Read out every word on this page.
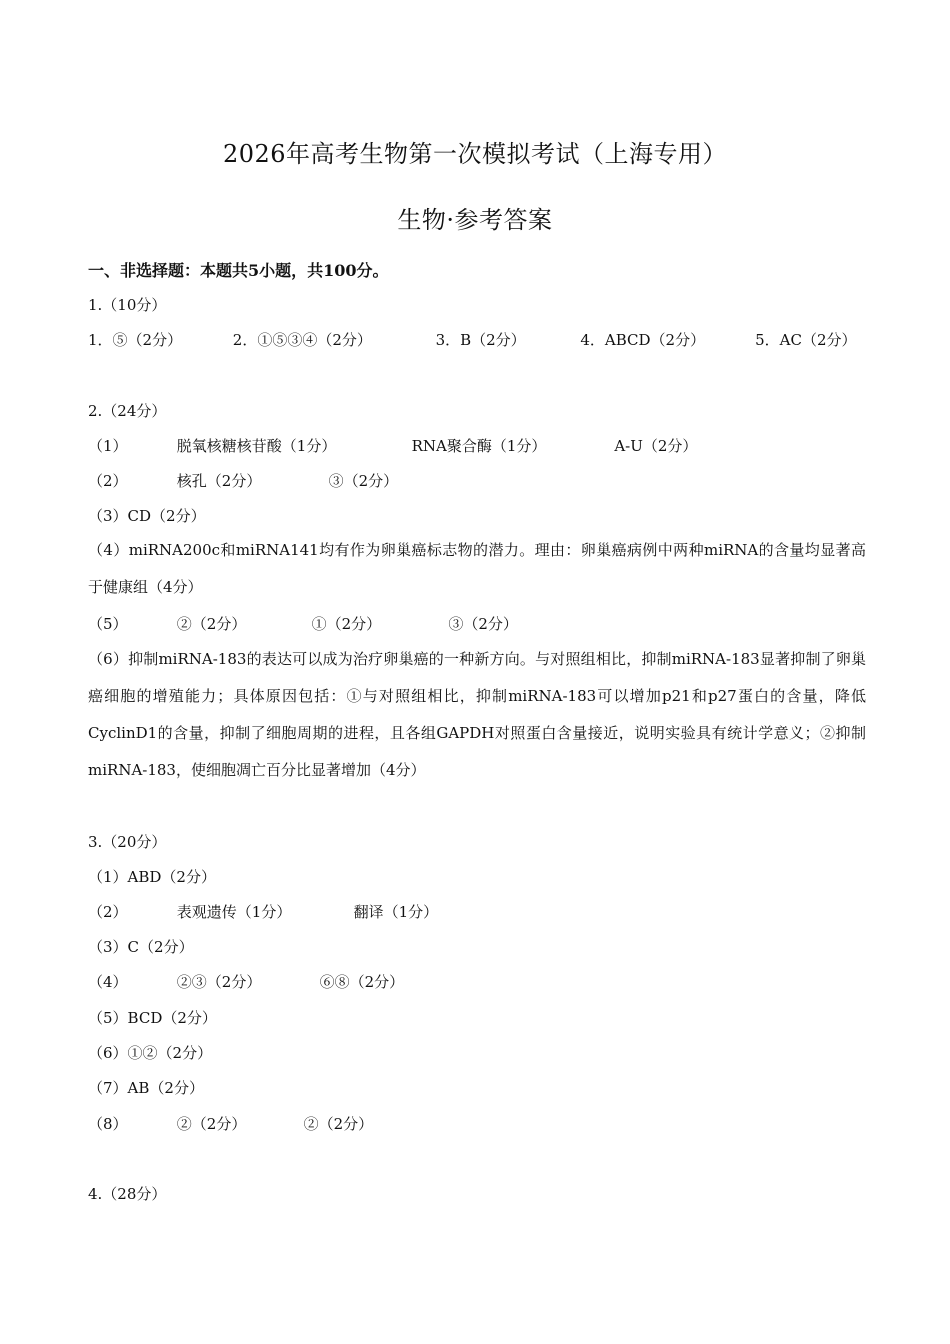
2026年高考生物第一次模拟考试（上海专用）
生物·参考答案
一、非选择题：本题共5小题，共100分。
1.（10分）
1．⑤（2分）	2．①⑤③④（2分）	3．B（2分）	4．ABCD（2分）	5．AC（2分）
2.（24分）
（1）	脱氧核糖核苷酸（1分）	RNA聚合酶（1分）	A-U（2分）
（2）	核孔（2分）	③（2分）
（3）CD（2分）
（4）miRNA200c和miRNA141均有作为卵巢癌标志物的潜力。理由：卵巢癌病例中两种miRNA的含量均显著高于健康组（4分）
（5）	②（2分）	①（2分）	③（2分）
（6）抑制miRNA-183的表达可以成为治疗卵巢癌的一种新方向。与对照组相比，抑制miRNA-183显著抑制了卵巢癌细胞的增殖能力；具体原因包括：①与对照组相比，抑制miRNA-183可以增加p21和p27蛋白的含量，降低CyclinD1的含量，抑制了细胞周期的进程，且各组GAPDH对照蛋白含量接近，说明实验具有统计学意义；②抑制miRNA-183，使细胞凋亡百分比显著增加（4分）
3.（20分）
（1）ABD（2分）
（2）	表观遗传（1分）	翻译（1分）
（3）C（2分）
（4）	②③（2分）	⑥⑧（2分）
（5）BCD（2分）
（6）①②（2分）
（7）AB（2分）
（8）	②（2分）	②（2分）
4.（28分）
